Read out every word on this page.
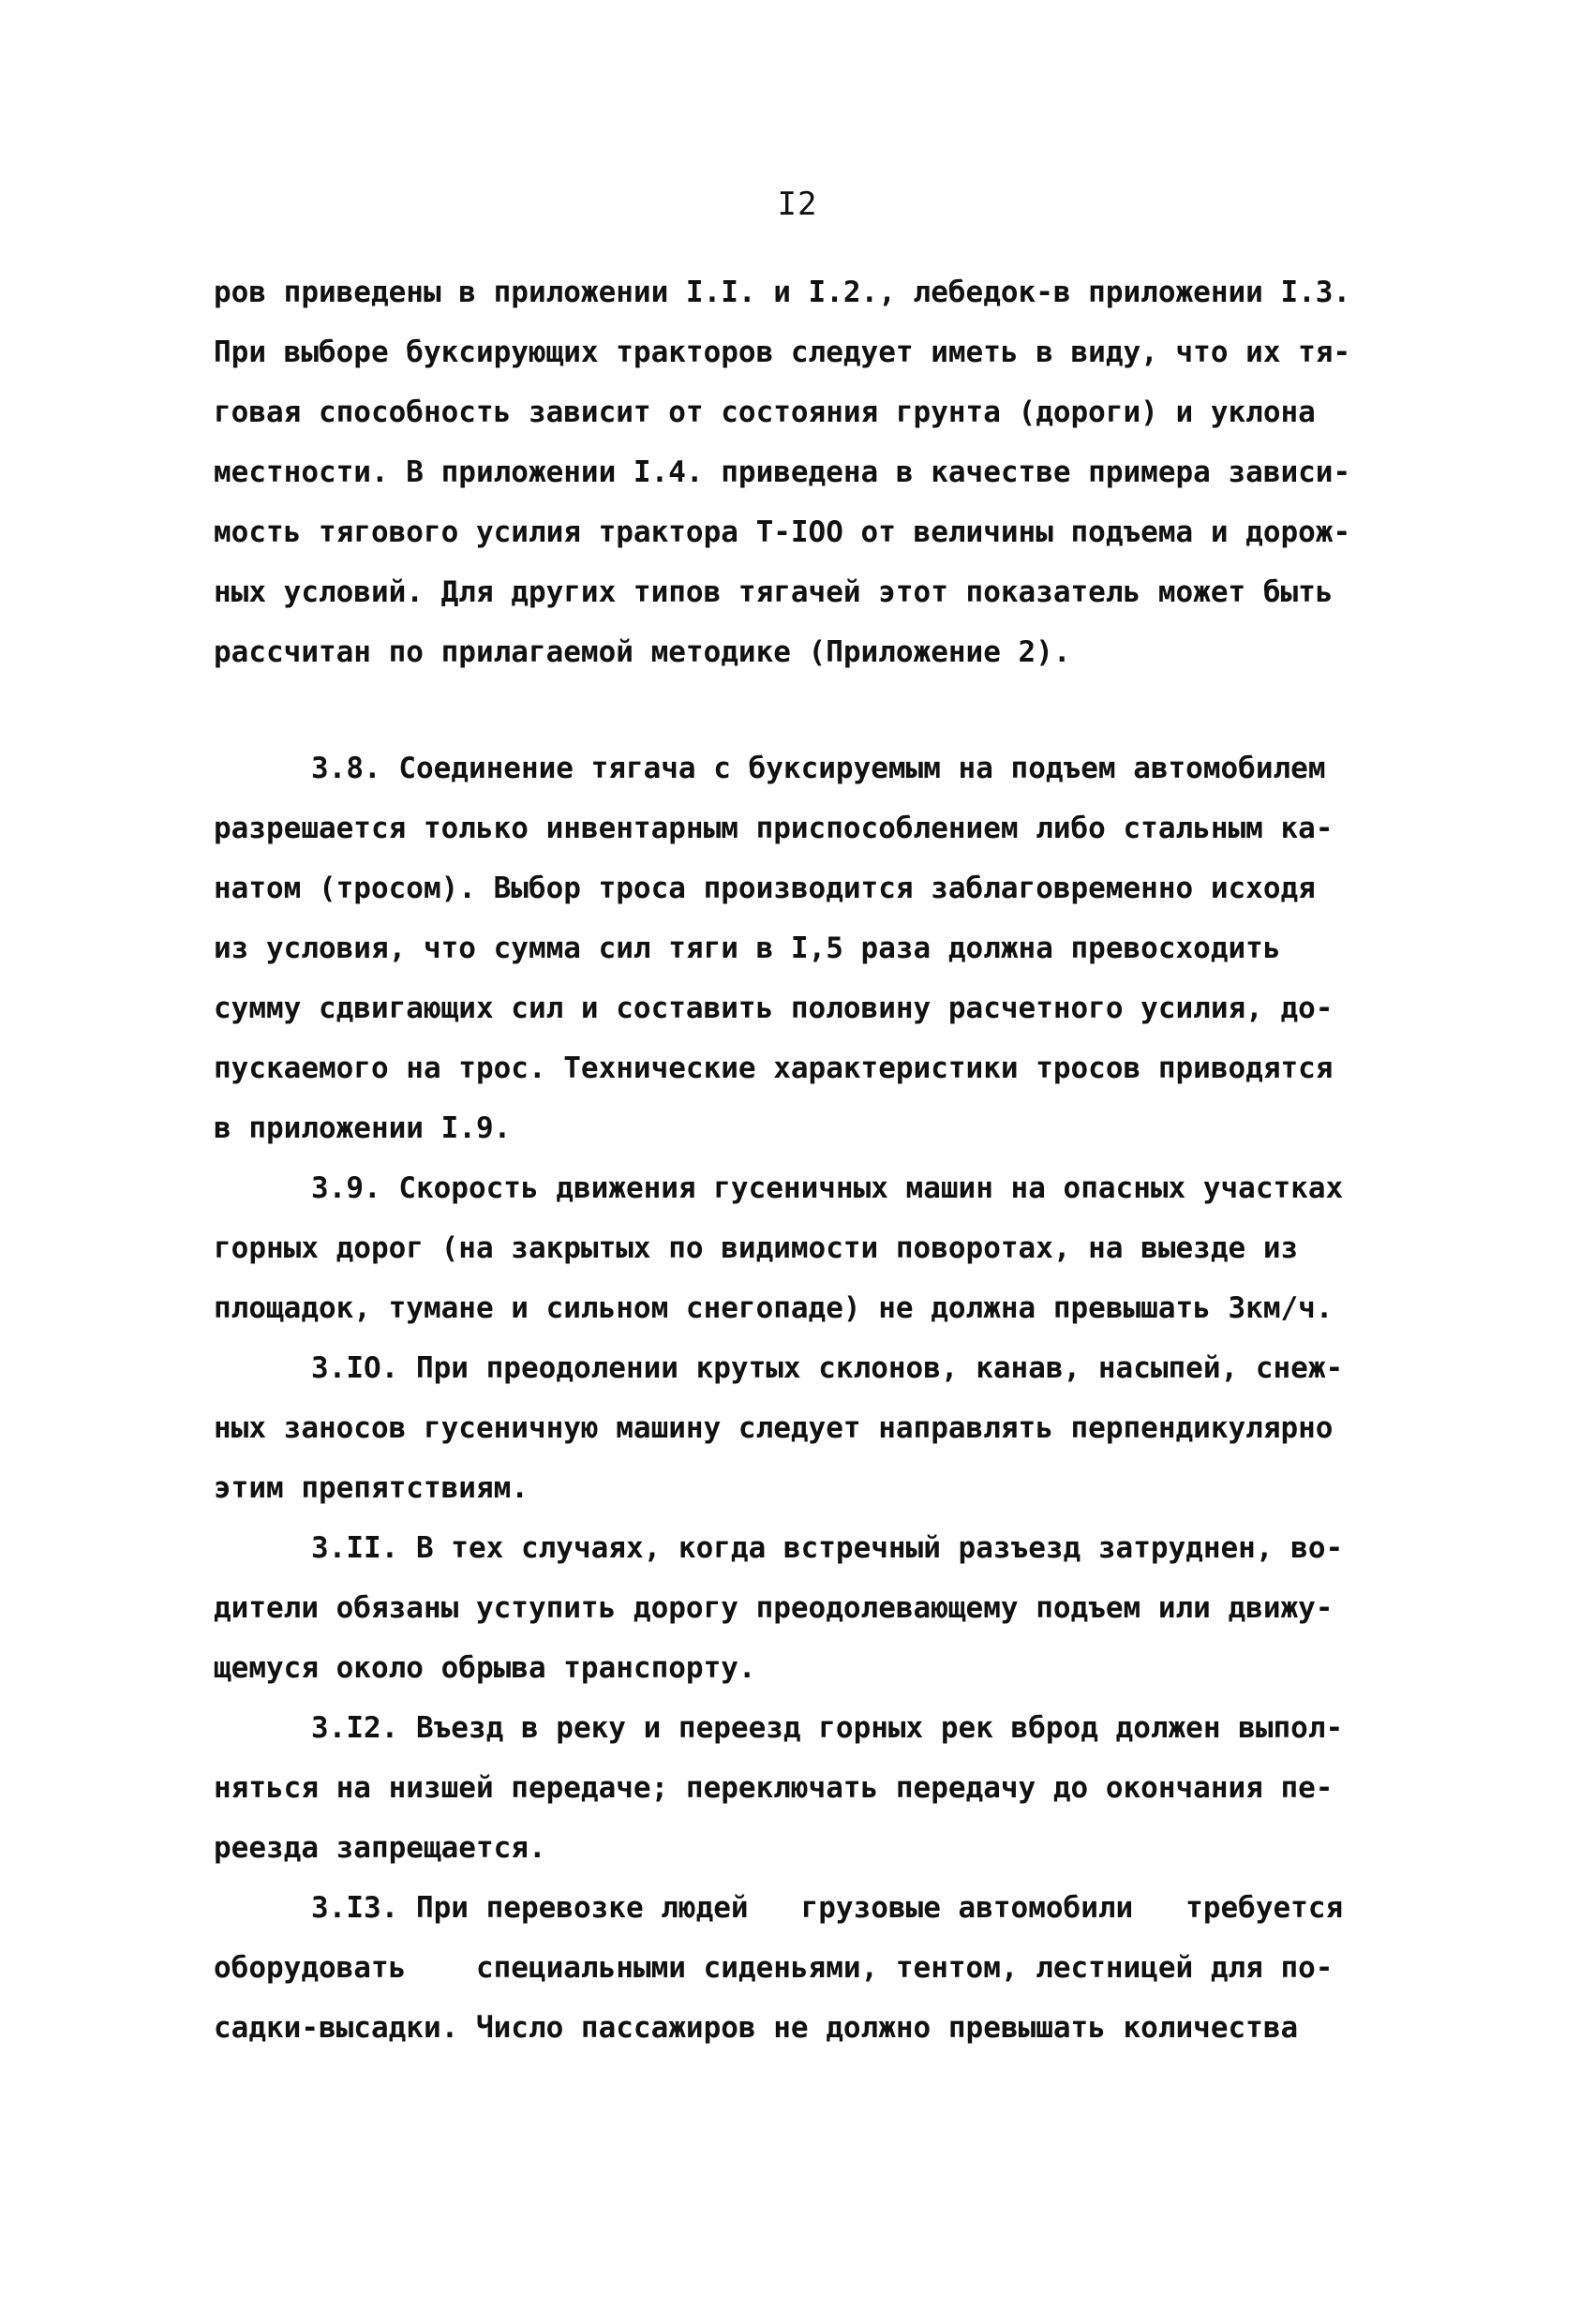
I2
ров приведены в приложении I.I. и I.2., лебедок-в приложении I.3.
При выборе буксирующих тракторов следует иметь в виду, что их тя-
говая способность зависит от состояния грунта (дороги) и уклона
местности. В приложении I.4. приведена в качестве примера зависи-
мость тягового усилия трактора Т-IOO от величины подъема и дорож-
ных условий. Для других типов тягачей этот показатель может быть
рассчитан по прилагаемой методике (Приложение 2).
3.8. Соединение тягача с буксируемым на подъем автомобилем
разрешается только инвентарным приспособлением либо стальным ка-
натом (тросом). Выбор троса производится заблаговременно исходя
из условия, что сумма сил тяги в I,5 раза должна превосходить
сумму сдвигающих сил и составить половину расчетного усилия, до-
пускаемого на трос. Технические характеристики тросов приводятся
в приложении I.9.
3.9. Скорость движения гусеничных машин на опасных участках
горных дорог (на закрытых по видимости поворотах, на выезде из
площадок, тумане и сильном снегопаде) не должна превышать 3км/ч.
3.IO. При преодолении крутых склонов, канав, насыпей, снеж-
ных заносов гусеничную машину следует направлять перпендикулярно
этим препятствиям.
3.II. В тех случаях, когда встречный разъезд затруднен, во-
дители обязаны уступить дорогу преодолевающему подъем или движу-
щемуся около обрыва транспорту.
3.I2. Въезд в реку и переезд горных рек вброд должен выпол-
няться на низшей передаче; переключать передачу до окончания пе-
реезда запрещается.
3.I3. При перевозке людей   грузовые автомобили   требуется
оборудовать    специальными сиденьями, тентом, лестницей для по-
садки-высадки. Число пассажиров не должно превышать количества
